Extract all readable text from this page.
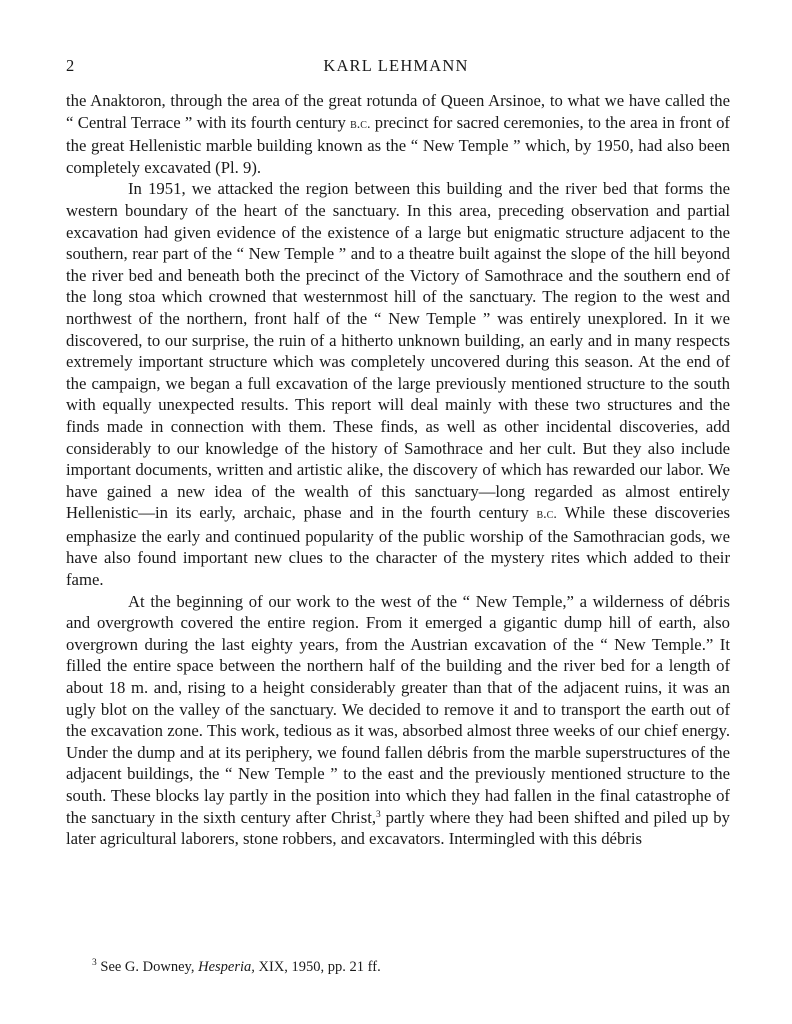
2	KARL LEHMANN

the Anaktoron, through the area of the great rotunda of Queen Arsinoe, to what we have called the “ Central Terrace ” with its fourth century b.c. precinct for sacred ceremonies, to the area in front of the great Hellenistic marble building known as the “ New Temple ” which, by 1950, had also been completely excavated (Pl. 9).

In 1951, we attacked the region between this building and the river bed that forms the western boundary of the heart of the sanctuary. In this area, preceding observation and partial excavation had given evidence of the existence of a large but enigmatic structure adjacent to the southern, rear part of the “ New Temple ” and to a theatre built against the slope of the hill beyond the river bed and beneath both the precinct of the Victory of Samothrace and the southern end of the long stoa which crowned that westernmost hill of the sanctuary. The region to the west and northwest of the northern, front half of the “ New Temple ” was entirely unexplored. In it we discovered, to our surprise, the ruin of a hitherto unknown building, an early and in many respects extremely important structure which was completely uncovered during this season. At the end of the campaign, we began a full excavation of the large previously mentioned structure to the south with equally unexpected results. This report will deal mainly with these two structures and the finds made in connection with them. These finds, as well as other incidental discoveries, add considerably to our knowledge of the history of Samothrace and her cult. But they also include important documents, written and artistic alike, the discovery of which has rewarded our labor. We have gained a new idea of the wealth of this sanctuary—long regarded as almost entirely Hellenistic—in its early, archaic, phase and in the fourth century b.c. While these discoveries emphasize the early and continued popularity of the public worship of the Samothracian gods, we have also found important new clues to the character of the mystery rites which added to their fame.

At the beginning of our work to the west of the “ New Temple,” a wilderness of débris and overgrowth covered the entire region. From it emerged a gigantic dump hill of earth, also overgrown during the last eighty years, from the Austrian excavation of the “ New Temple.” It filled the entire space between the northern half of the building and the river bed for a length of about 18 m. and, rising to a height considerably greater than that of the adjacent ruins, it was an ugly blot on the valley of the sanctuary. We decided to remove it and to transport the earth out of the excavation zone. This work, tedious as it was, absorbed almost three weeks of our chief energy. Under the dump and at its periphery, we found fallen débris from the marble superstructures of the adjacent buildings, the “ New Temple ” to the east and the previously mentioned structure to the south. These blocks lay partly in the position into which they had fallen in the final catastrophe of the sanctuary in the sixth century after Christ,$^3$ partly where they had been shifted and piled up by later agricultural laborers, stone robbers, and excavators. Intermingled with this débris

$^3$ See G. Downey, Hesperia, XIX, 1950, pp. 21 ff.
